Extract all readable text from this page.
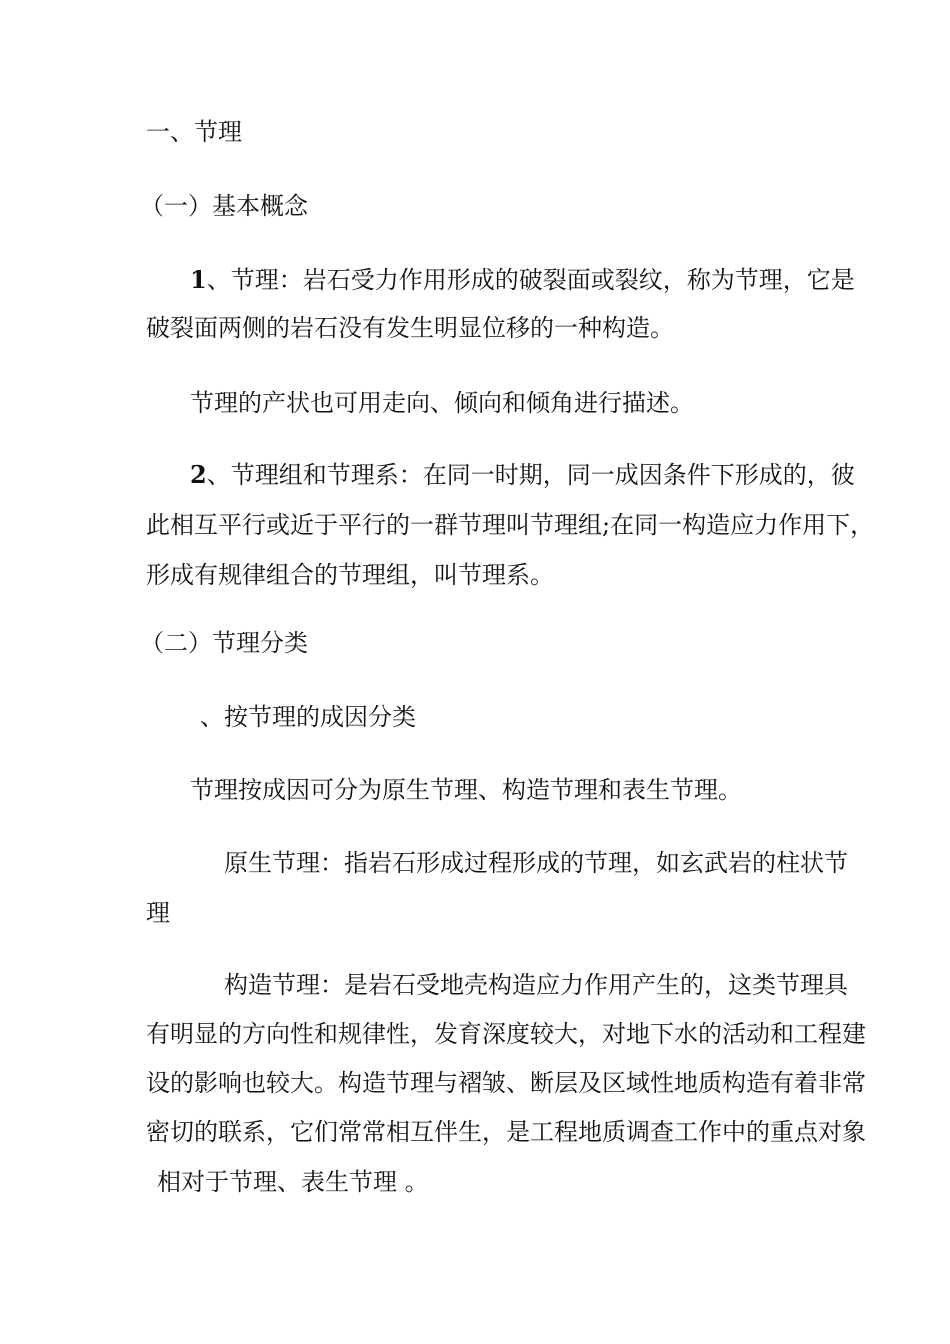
一、节理
（一）基本概念
1、节理：岩石受力作用形成的破裂面或裂纹，称为节理，它是
破裂面两侧的岩石没有发生明显位移的一种构造。
节理的产状也可用走向、倾向和倾角进行描述。
2、节理组和节理系：在同一时期，同一成因条件下形成的，彼
此相互平行或近于平行的一群节理叫节理组;在同一构造应力作用下，
形成有规律组合的节理组，叫节理系。
（二）节理分类
、按节理的成因分类
节理按成因可分为原生节理、构造节理和表生节理。
原生节理：指岩石形成过程形成的节理，如玄武岩的柱状节
理
构造节理：是岩石受地壳构造应力作用产生的，这类节理具
有明显的方向性和规律性，发育深度较大，对地下水的活动和工程建
设的影响也较大。构造节理与褶皱、断层及区域性地质构造有着非常
密切的联系，它们常常相互伴生，是工程地质调查工作中的重点对象
相对于节理、表生节理 。
